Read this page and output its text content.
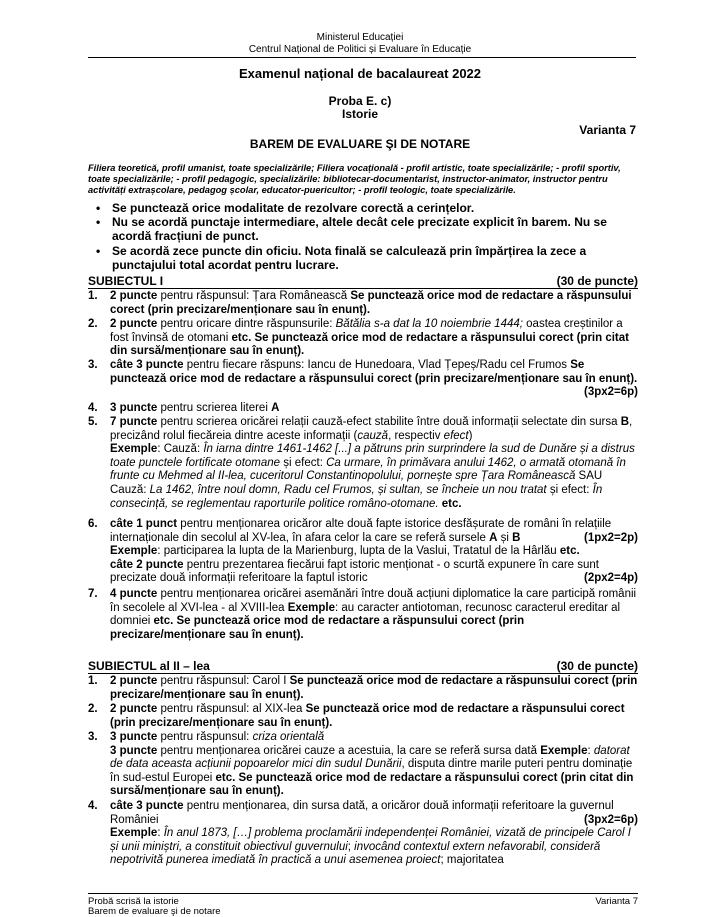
Ministerul Educației
Centrul Național de Politici și Evaluare în Educație
Examenul național de bacalaureat 2022
Proba E. c)
Istorie
Varianta 7
BAREM DE EVALUARE ŞI DE NOTARE
Filiera teoretică, profil umanist, toate specializările; Filiera vocațională - profil artistic, toate specializările; - profil sportiv, toate specializările; - profil pedagogic, specializările: bibliotecar-documentarist, instructor-animator, instructor pentru activități extrașcolare, pedagog școlar, educator-puericultor; - profil teologic, toate specializările.
• Se punctează orice modalitate de rezolvare corectă a cerințelor.
• Nu se acordă punctaje intermediare, altele decât cele precizate explicit în barem. Nu se acordă fracțiuni de punct.
• Se acordă zece puncte din oficiu. Nota finală se calculează prin împărțirea la zece a punctajului total acordat pentru lucrare.
SUBIECTUL I	(30 de puncte)
1. 2 puncte pentru răspunsul: Țara Românească Se punctează orice mod de redactare a răspunsului corect (prin precizare/menționare sau în enunț).
2. 2 puncte pentru oricare dintre răspunsurile: Bătălia s-a dat la 10 noiembrie 1444; oastea creștinilor a fost învinsă de otomani etc. Se punctează orice mod de redactare a răspunsului corect (prin citat din sursă/menționare sau în enunț).
3. câte 3 puncte pentru fiecare răspuns: Iancu de Hunedoara, Vlad Țepeș/Radu cel Frumos Se punctează orice mod de redactare a răspunsului corect (prin precizare/menționare sau în enunț).
(3px2=6p)
4. 3 puncte pentru scrierea literei A
5. 7 puncte pentru scrierea oricărei relații cauză-efect stabilite între două informații selectate din sursa B, precizând rolul fiecăreia dintre aceste informații (cauză, respectiv efect)
Exemple: Cauză: În iarna dintre 1461-1462 [...] a pătruns prin surprindere la sud de Dunăre și a distrus toate punctele fortificate otomane și efect: Ca urmare, în primăvara anului 1462, o armată otomană în frunte cu Mehmed al II-lea, cuceritorul Constantinopolului, pornește spre Țara Românească SAU Cauză: La 1462, între noul domn, Radu cel Frumos, și sultan, se încheie un nou tratat și efect: În consecință, se reglementau raporturile politice româno-otomane. etc.
6. câte 1 punct pentru menționarea oricăror alte două fapte istorice desfășurate de români în relațiile internaționale din secolul al XV-lea, în afara celor la care se referă sursele A și B	(1px2=2p)

Exemple: participarea la lupta de la Marienburg, lupta de la Vaslui, Tratatul de la Hârlău etc.
câte 2 puncte pentru prezentarea fiecărui fapt istoric menționat - o scurtă expunere în care sunt precizate două informații referitoare la faptul istoric	(2px2=4p)
7. 4 puncte pentru menționarea oricărei asemănări între două acțiuni diplomatice la care participă românii în secolele al XVI-lea - al XVIII-lea Exemple: au caracter antiotoman, recunosc caracterul ereditar al domniei etc. Se punctează orice mod de redactare a răspunsului corect (prin precizare/menționare sau în enunț).
SUBIECTUL al II – lea	(30 de puncte)
1. 2 puncte pentru răspunsul: Carol I Se punctează orice mod de redactare a răspunsului corect (prin precizare/menționare sau în enunț).
2. 2 puncte pentru răspunsul: al XIX-lea Se punctează orice mod de redactare a răspunsului corect (prin precizare/menționare sau în enunț).
3. 3 puncte pentru răspunsul: criza orientală
3 puncte pentru menționarea oricărei cauze a acestuia, la care se referă sursa dată Exemple: datorat de data aceasta acțiunii popoarelor mici din sudul Dunării, disputa dintre marile puteri pentru dominație în sud-estul Europei etc. Se punctează orice mod de redactare a răspunsului corect (prin citat din sursă/menționare sau în enunț).
4. câte 3 puncte pentru menționarea, din sursa dată, a oricăror două informații referitoare la guvernul României	(3px2=6p)

Exemple: În anul 1873, […] problema proclamării independenței României, vizată de principele Carol I și unii miniștri, a constituit obiectivul guvernului; invocând contextul extern nefavorabil, consideră nepotrivită punerea imediată în practică a unui asemenea proiect; majoritatea
Probă scrisă la istorie
Barem de evaluare şi de notare
Varianta 7
